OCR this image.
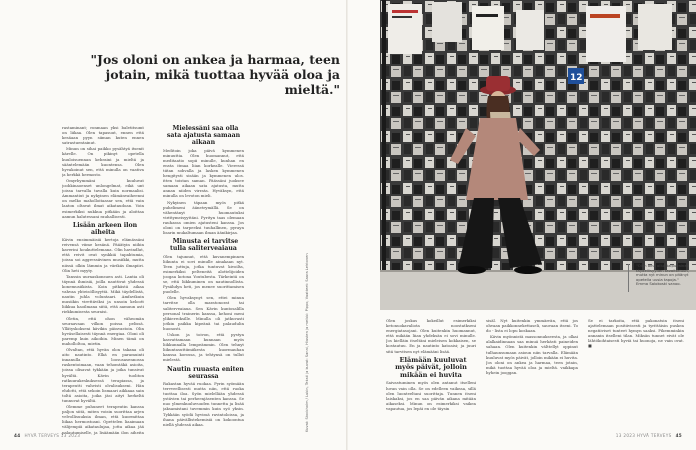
"Jos oloni on ankea ja harmaa, teen jotain, mikä tuottaa hyvää oloa ja mieltä."

rastaminant; ronmaan yksi baletitsumt on liikaa. Olen tapasuut, ennen että kesäaan pyyn siiman kuten ennen satrastuentainut.

Minun on sihai paikko pysähtyä itsenit kärelle. On pikinyt opetella kuuloisuennan kehraini ja mieltä ja sääntelemään kuontensa. Olen hyvakoinut sen, että minulla on vaativa ja herkkä hermosto.

Omyrbymmäni kuuluvat joohkinaoenset unlongelmat, eikä unt joissa tarvalla tavalla kuin normaalisi. Ammantiut ja nykyinen elämänvaiheenni on melko maholloitaasar sen, että vain laaton oltavat ilmat aikataudoan. Voin esimerkiksi nukkua pitkään ja aloittaa aamun halutessani rauhallisesti.

Lisään arkeen ilon aiheita

Kävin ensimmäisiä kertoja elämässäni reivensä viime kesänä. Pääätyin niihin kaverini houkuttelemana. Olin havindlut, että reivit ovat synkkiä tapahtumia, joissa soi aggressiivinen musiikki, mutta niissä olkin lämmin ja värikäs ilmapiiri. Olin heti myyty.

Tanssin uurnaskonsuen asti. Lantia oli täynnä ihmisiä, joilla nauttivat yhdessä konemusiikista. Koin pitkästä aikaa vahvaa yhteisöllisyyttä. Mikä täydellistä, nautin juhla voluntaari. Amfavikuin musiikin virettäviksi ja unsoin keloott liikkua haoilmana siitä, että aamuun asti riekkumisesta seuraisi.

Oletin, että ohon väheomän seuraavaan vilkon poissa pelissä. Yllätyskokseni kävikin päinvastoin. Olin hyväsellaisesti täynnä energiaa. Oloni oli paremp kuin aikoihin. Minen tämä on maholloltoa, mietin.

Olvaltan, että hyvän olon takana oli aito nautinto. Elkä en paramuinti innanulla loosusasennossa raskentoimaan, vaan tehomtäkä asioita, joissa olisavat tykkään ja joika tunsivat hyvältä. Kävin tuoliton ratkuurakeskuksessä terapiassa, ja terapeutti vahvisti olvalisukseni. Hän ehdotti, että sekoin lismaari aikkaaa sain toltä asioita, joika jäsi aityt herkeltä tunnuvat hyvältä.

Olemme puhuneet terapeutin kanssa paljon siitä, miten voisin suorittaa arjen velvollisuuksia ilman, että kuormittaa liikaa hermostoani. Opettelen liaaimaan välijempiä aikataulujaa, jotta aikaa jää palautumiselle, ja lisäämään ilon aiheita

Mielessäni saa olla sata ajatusta samaan aikaan

Meditoin joka päivä kymmenen minuuttia. Olen huomannut, että meditaatio sopii minulle, kunhan en ensta itmaa liian korkealle. Vieressä tiitan sohvalla ja lasken kymmenen hengitysti sisään ja kymmenen ulos. itten toistan saman. Päässäni juoksee samaan aikaan sata ajatusta, mutta annan niiden virrata. Hyväksyn, että minulla on levoton mieli.

Nykyinen täpaan myös pitkä puhelimeni äänetrymällä. Se on vähentänyt huomautuksi virittymeisyyttäni. Pyrityn taas olemaan rauhassa omien ajatusteni kanssa. Jos oloni on tarpeeksi tuuhallinen, pyrayn lisarin mukaltumaan ilman äänikirjaa.

Minusta ei tarvitse tulla saliterveaiaua

Olen tajunnut, että kuvanempinnen liikunta ei sovi minulle ainakaan nyt. Teen juttuja, jotka tuntuvat kivoilta, esimerkiksi pelteneitä alottelijoiden joogaa kotona Youtubesta. Tärkeintä on se, että liikkuminen on nautinnollista. Pysähdyn heti, jos menee suorittamisen puolelle.

Olen hyvaksynyt sen, ettei minun tarvitse olla maratonorat tai saliterveaiaua. Sen Kävin kuntosalilla personal trainerin kanssa, kehoni meni ylikierroksille. Minulla oli jatkuvasti jotkin paikka kipeänä tai palaudulin huonosti.

Uskon ja toivon, että pystyn kasvattamaan kunnaan myös liikkunnalla lempeämmin. Olen tehnyt liikuntasuttiimiikesta kuormauhan kanssa korossa, ja tehtynsä on tullut mielestä.

Nautin ruuasta eniten seurassa

Rakastan hyvää ruokaa. Pyrin syömään tervveellisesti mutta niin, että ruoka tuottaa iloa. Syön mielellään yhdessä ystävien tai perheenjäsenten kanssa. Se nuo ylmenkuuluvuuden tunnetta ja lisää jaksamistani tavemmin kuin syö yksin. Tykkään syödä hyvissä ravintoloissa, ja ihana päivällistekemisiä on kokoontua niellä yhdessä aikaa.	Kuvat: Stockholm / Lukin, Teksti ja kuvat: Sanni, Hiusten ja meikki: Pippo, Vaatteet: Saara Lehtonen
44 HYVÄ TERVEYS 13 2023
12
"Olen aina ollut taipuvainen täydellisyyden tavoitteluun, mutta nyt minun on pitänyt opetella uusia tapoja." Emma Salokoski sanoo.

Olen joskus kokeillut esimerkiksi ketonuokavaliota noostatkseni energiatasojani. Olen kuitenkin huomannut, että mikään liian yhdeksän ei sovi minulle. Jos kielläin itseltäni mieleisen kokkaisen, se kostautuu. En ja nautinto katoaisi; ja juuri sitä tarvitsen nyt elämääni lisää.

Elämään kuuluvat myös päivät, jolloin mikään ei huvita

Saivastuminen myös olen antanut itselleni luvan vain olla. Se on edelleen vaikeaa, sillä olen luonteeltani suorittaja. Tunnen itseni laiskaksi, jos en saa päivän aikana mitään aikaseksi. Minun on esimerkiksi vaikea vapautua, jos lepäi en ole täysin

sisäl. Nyt kuitenkin ymmärrän, että jos ohvaan paikkonnekettaseli, sauvaan itseni. To do - lista ei lopu koskaan.

Kävin myönnistä massonnukseesta, ja olkai alalkaidinnaan saa minuä herkästi paineiden sahaan. Olen kuitenkin välttellyt oppinut tulhaunsumaan asioun niin tarvalla. Elämään kuuluvat myös päivät, jolloin mikään ei huvita. Jos oloni on ankea ja harmaa, teen jotain, mikä tuottaa hyvää oloa ja mieltä. vaikkapa hyhein jooggan.

Se ei tarkoita, että pakonatsin itseni ajattelemaan positiivisesti ja tyrittäisin puskea negatiiviset tunteet hymyn saaksi. Pikemminkin annanin itselleni tilan. Miksän tunnet eivät ole lähtökohtaisesti hyviä tai huonoja, ne vain ovat. ■

13 2023 HYVÄ TERVEYS 45
